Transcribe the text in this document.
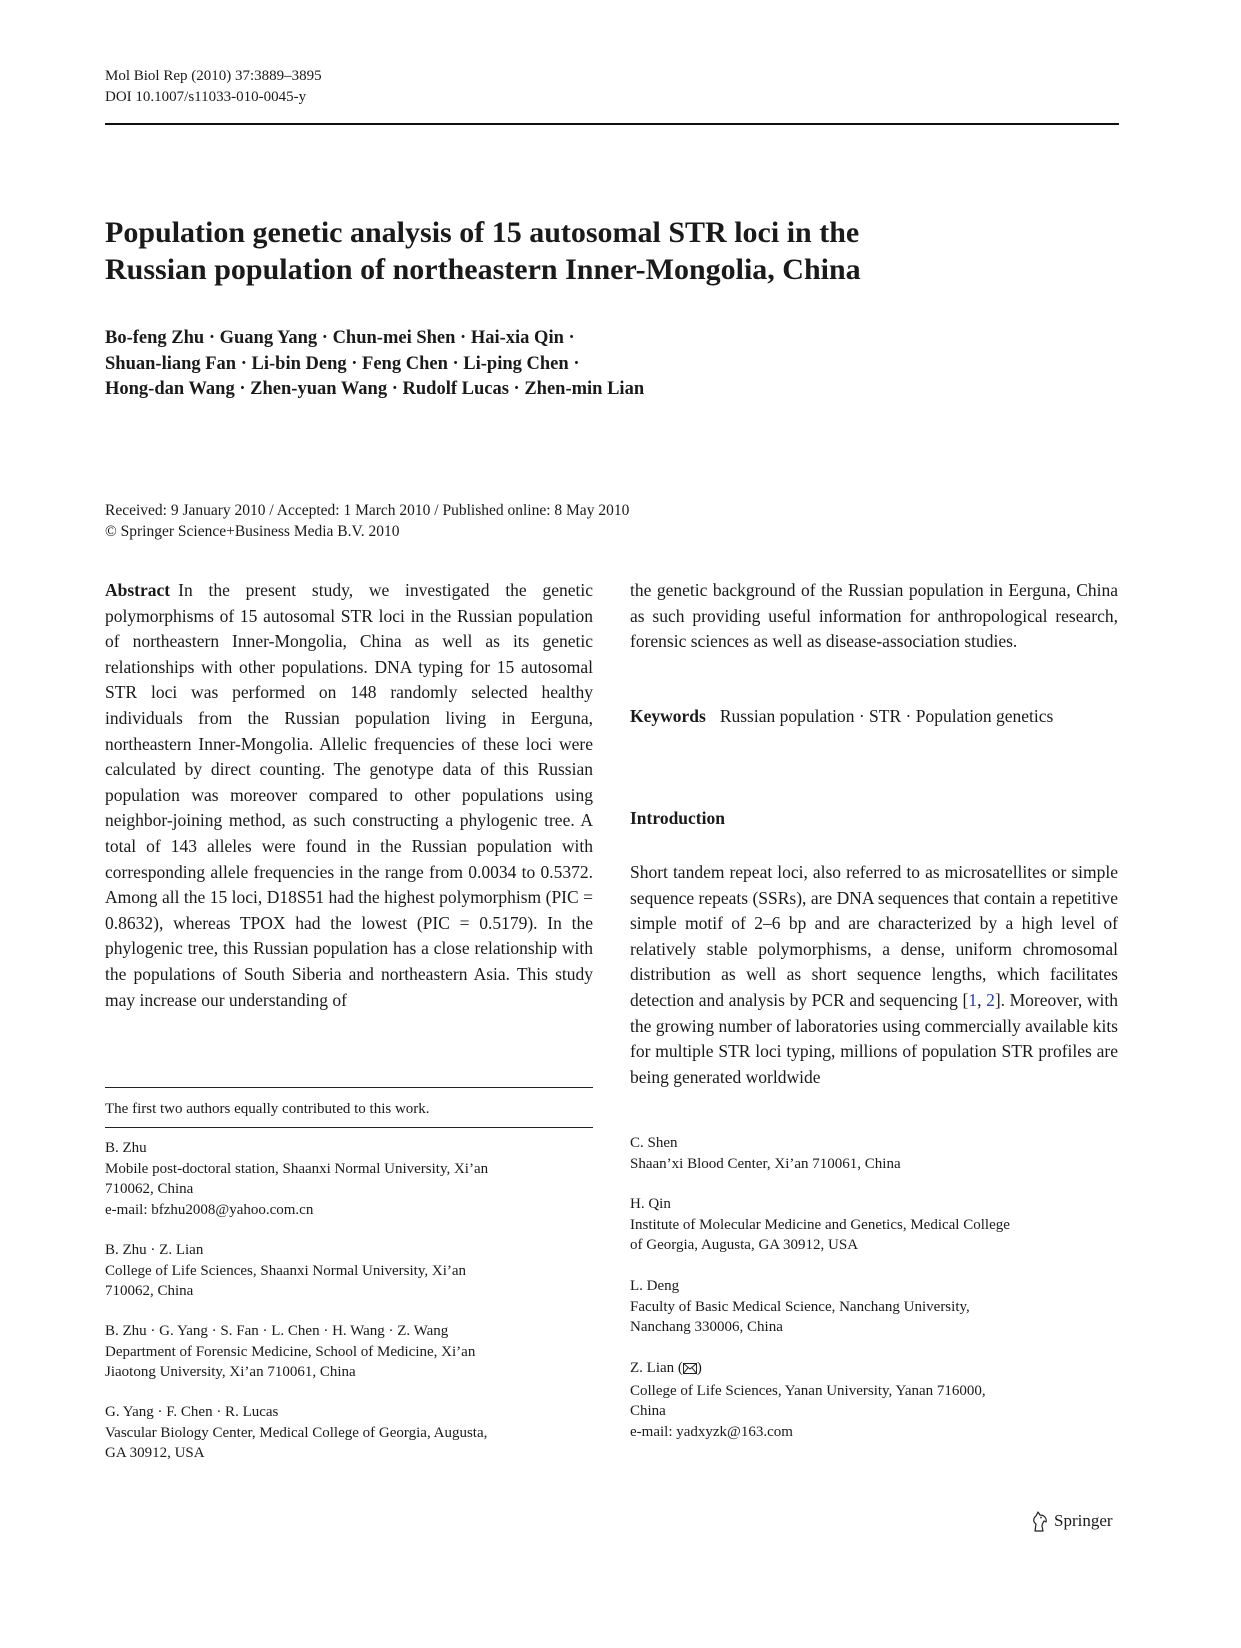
Mol Biol Rep (2010) 37:3889–3895
DOI 10.1007/s11033-010-0045-y
Population genetic analysis of 15 autosomal STR loci in the
Russian population of northeastern Inner-Mongolia, China
Bo-feng Zhu · Guang Yang · Chun-mei Shen · Hai-xia Qin ·
Shuan-liang Fan · Li-bin Deng · Feng Chen · Li-ping Chen ·
Hong-dan Wang · Zhen-yuan Wang · Rudolf Lucas · Zhen-min Lian
Received: 9 January 2010 / Accepted: 1 March 2010 / Published online: 8 May 2010
© Springer Science+Business Media B.V. 2010
Abstract In the present study, we investigated the genetic polymorphisms of 15 autosomal STR loci in the Russian population of northeastern Inner-Mongolia, China as well as its genetic relationships with other populations. DNA typing for 15 autosomal STR loci was performed on 148 randomly selected healthy individuals from the Russian population living in Eerguna, northeastern Inner-Mongolia. Allelic frequencies of these loci were calculated by direct counting. The genotype data of this Russian population was moreover compared to other populations using neighbor-joining method, as such constructing a phylogenic tree. A total of 143 alleles were found in the Russian population with corresponding allele frequencies in the range from 0.0034 to 0.5372. Among all the 15 loci, D18S51 had the highest polymorphism (PIC = 0.8632), whereas TPOX had the lowest (PIC = 0.5179). In the phylogenic tree, this Russian population has a close relationship with the populations of South Siberia and northeastern Asia. This study may increase our understanding of
the genetic background of the Russian population in Eerguna, China as such providing useful information for anthropological research, forensic sciences as well as disease-association studies.
Keywords Russian population · STR · Population genetics
Introduction
Short tandem repeat loci, also referred to as microsatellites or simple sequence repeats (SSRs), are DNA sequences that contain a repetitive simple motif of 2–6 bp and are characterized by a high level of relatively stable polymorphisms, a dense, uniform chromosomal distribution as well as short sequence lengths, which facilitates detection and analysis by PCR and sequencing [1, 2]. Moreover, with the growing number of laboratories using commercially available kits for multiple STR loci typing, millions of population STR profiles are being generated worldwide
The first two authors equally contributed to this work.
B. Zhu
Mobile post-doctoral station, Shaanxi Normal University, Xi’an
710062, China
e-mail: bfzhu2008@yahoo.com.cn
B. Zhu · Z. Lian
College of Life Sciences, Shaanxi Normal University, Xi’an
710062, China
B. Zhu · G. Yang · S. Fan · L. Chen · H. Wang · Z. Wang
Department of Forensic Medicine, School of Medicine, Xi’an
Jiaotong University, Xi’an 710061, China
G. Yang · F. Chen · R. Lucas
Vascular Biology Center, Medical College of Georgia, Augusta,
GA 30912, USA
C. Shen
Shaan’xi Blood Center, Xi’an 710061, China
H. Qin
Institute of Molecular Medicine and Genetics, Medical College
of Georgia, Augusta, GA 30912, USA
L. Deng
Faculty of Basic Medical Science, Nanchang University,
Nanchang 330006, China
Z. Lian ( )
College of Life Sciences, Yanan University, Yanan 716000,
China
e-mail: yadxyzk@163.com
Springer
